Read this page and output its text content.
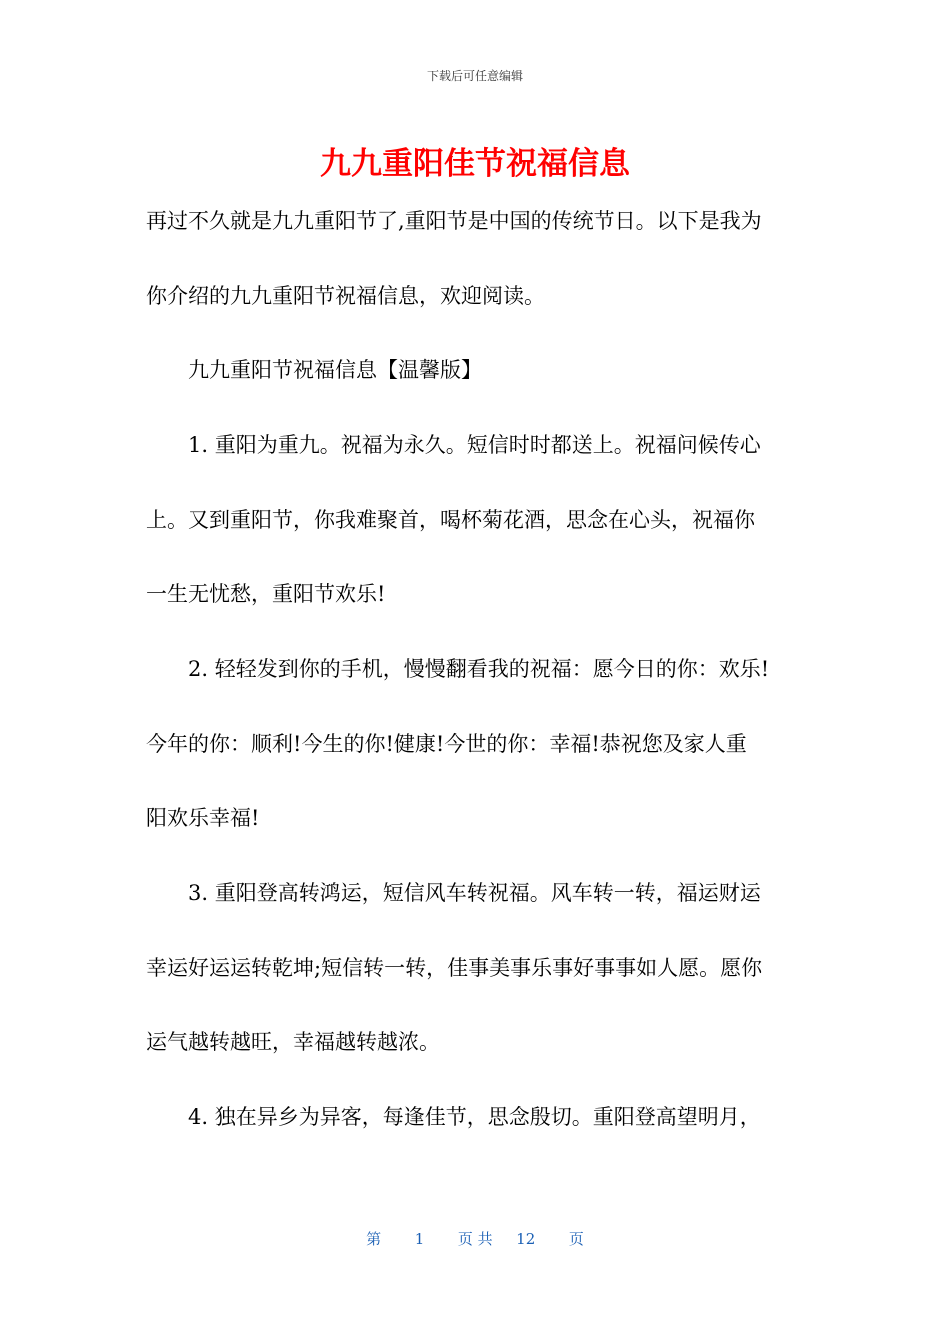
下载后可任意编辑
九九重阳佳节祝福信息
再过不久就是九九重阳节了,重阳节是中国的传统节日。以下是我为
你介绍的九九重阳节祝福信息，欢迎阅读。
九九重阳节祝福信息【温馨版】
1. 重阳为重九。祝福为永久。短信时时都送上。祝福问候传心
上。又到重阳节，你我难聚首，喝杯菊花酒，思念在心头，祝福你
一生无忧愁，重阳节欢乐!
2. 轻轻发到你的手机，慢慢翻看我的祝福：愿今日的你：欢乐!
今年的你：顺利!今生的你!健康!今世的你：幸福!恭祝您及家人重
阳欢乐幸福!
3. 重阳登高转鸿运，短信风车转祝福。风车转一转，福运财运
幸运好运运转乾坤;短信转一转，佳事美事乐事好事事如人愿。愿你
运气越转越旺，幸福越转越浓。
4. 独在异乡为异客，每逢佳节，思念殷切。重阳登高望明月，
第 1 页 共 12 页
